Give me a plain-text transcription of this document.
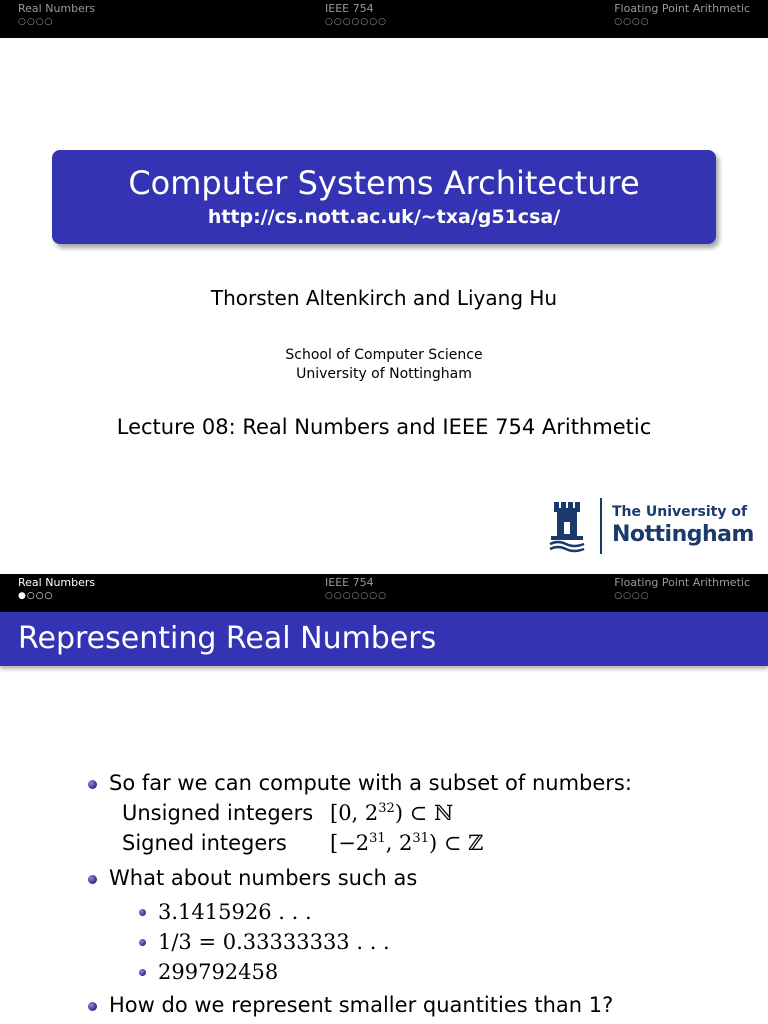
Real Numbers
○○○○
IEEE 754
○○○○○○○
Floating Point Arithmetic
○○○○
Computer Systems Architecture
http://cs.nott.ac.uk/∼txa/g51csa/
Thorsten Altenkirch and Liyang Hu
School of Computer Science
University of Nottingham
Lecture 08: Real Numbers and IEEE 754 Arithmetic
The University of
Nottingham
Real Numbers
●○○○
IEEE 754
○○○○○○○
Floating Point Arithmetic
○○○○
Representing Real Numbers
So far we can compute with a subset of numbers:
Unsigned integers [0, $2^{32}$) ⊂ ℕ
Signed integers [$-2^{31}$, $2^{31}$) ⊂ ℤ
What about numbers such as
3.1415926 . . .
1/3 = 0.33333333 . . .
299792458
How do we represent smaller quantities than 1?
